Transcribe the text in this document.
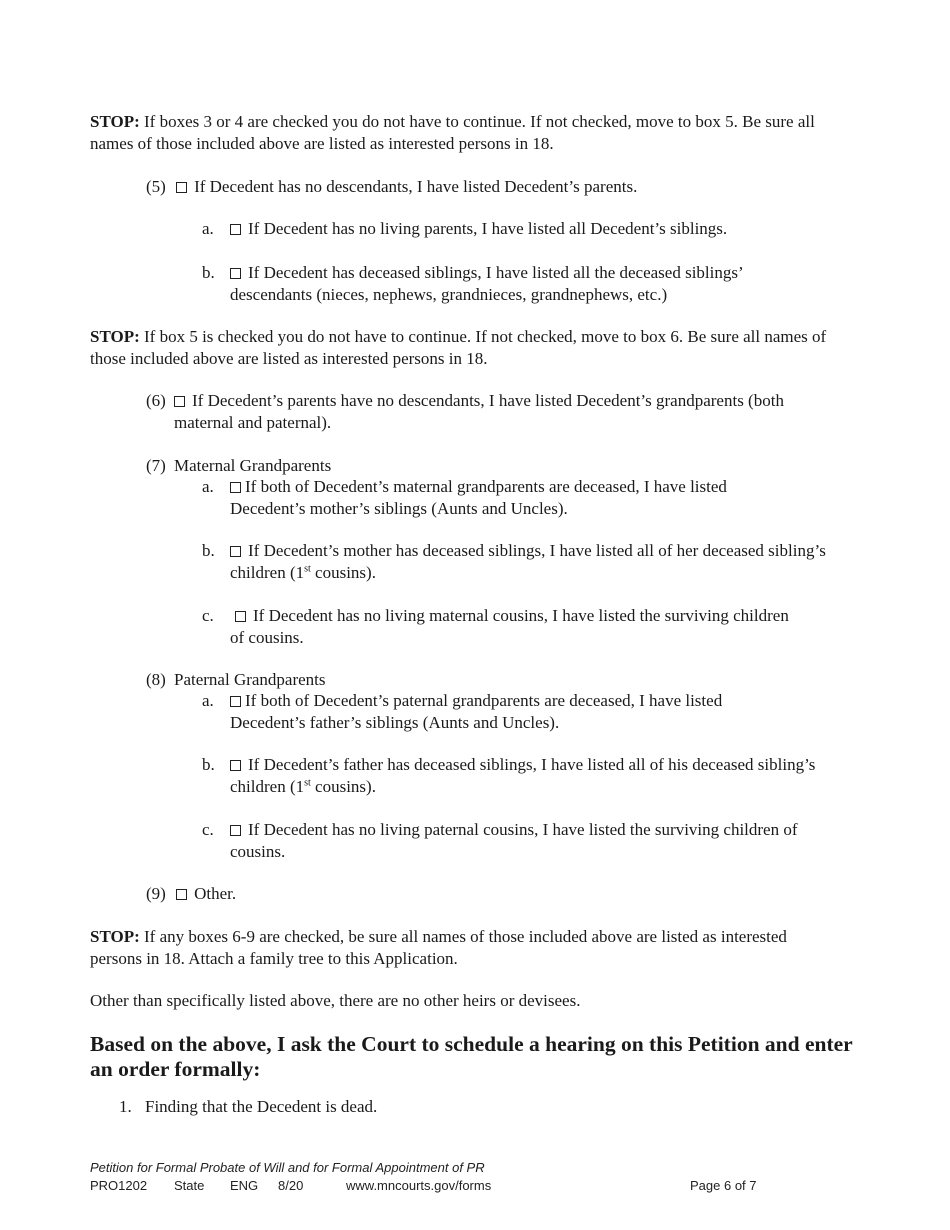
STOP: If boxes 3 or 4 are checked you do not have to continue. If not checked, move to box 5. Be sure all names of those included above are listed as interested persons in 18.
(5) If Decedent has no descendants, I have listed Decedent’s parents.
a.	If Decedent has no living parents, I have listed all Decedent’s siblings.
b.	If Decedent has deceased siblings, I have listed all the deceased siblings’ descendants (nieces, nephews, grandnieces, grandnephews, etc.)
STOP: If box 5 is checked you do not have to continue. If not checked, move to box 6. Be sure all names of those included above are listed as interested persons in 18.
(6)	If Decedent’s parents have no descendants, I have listed Decedent’s grandparents (both maternal and paternal).
(7) Maternal Grandparents
a.	If both of Decedent’s maternal grandparents are deceased, I have listed Decedent’s mother’s siblings (Aunts and Uncles).
b.	If Decedent’s mother has deceased siblings, I have listed all of her deceased sibling’s children (1st cousins).
c.	If Decedent has no living maternal cousins, I have listed the surviving children of cousins.
(8) Paternal Grandparents
a.	If both of Decedent’s paternal grandparents are deceased, I have listed Decedent’s father’s siblings (Aunts and Uncles).
b.	If Decedent’s father has deceased siblings, I have listed all of his deceased sibling’s children (1st cousins).
c.	If Decedent has no living paternal cousins, I have listed the surviving children of cousins.
(9) Other.
STOP: If any boxes 6-9 are checked, be sure all names of those included above are listed as interested persons in 18. Attach a family tree to this Application.
Other than specifically listed above, there are no other heirs or devisees.
Based on the above, I ask the Court to schedule a hearing on this Petition and enter an order formally:
1. Finding that the Decedent is dead.
Petition for Formal Probate of Will and for Formal Appointment of PR
PRO1202 State ENG 8/20	www.mncourts.gov/forms	Page 6 of 7
